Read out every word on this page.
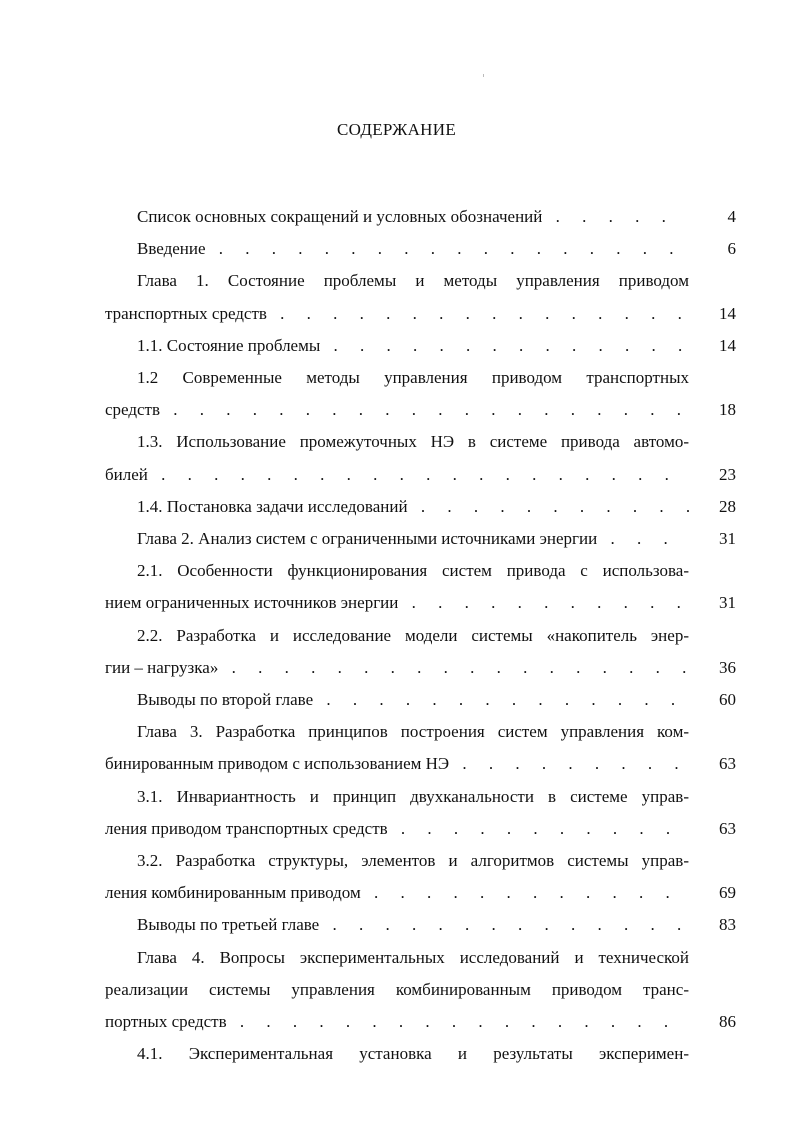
СОДЕРЖАНИЕ
Список основных сокращений и условных обозначений . . .	4
Введение . . .	6
Глава 1. Состояние проблемы и методы управления приводом
транспортных средств . . .	14
1.1. Состояние проблемы . . .	14
1.2 Современные методы управления приводом транспортных
средств . . .	18
1.3. Использование промежуточных НЭ в системе привода автомо-
билей . . .	23
1.4. Постановка задачи исследований . . .	28
Глава 2. Анализ систем с ограниченными источниками энергии . . .	31
2.1. Особенности функционирования систем привода с использова-
нием ограниченных источников энергии . . .	31
2.2. Разработка и исследование модели системы «накопитель энер-
гии – нагрузка» . . .	36
Выводы по второй главе . . .	60
Глава 3. Разработка принципов построения систем управления ком-
бинированным приводом с использованием НЭ . . .	63
3.1. Инвариантность и принцип двухканальности в системе управ-
ления приводом транспортных средств . . .	63
3.2. Разработка структуры, элементов и алгоритмов системы управ-
ления комбинированным приводом . . .	69
Выводы по третьей главе . . .	83
Глава 4. Вопросы экспериментальных исследований и технической
реализации системы управления комбинированным приводом транс-
портных средств . . .	86
4.1. Экспериментальная установка и результаты эксперимен-
